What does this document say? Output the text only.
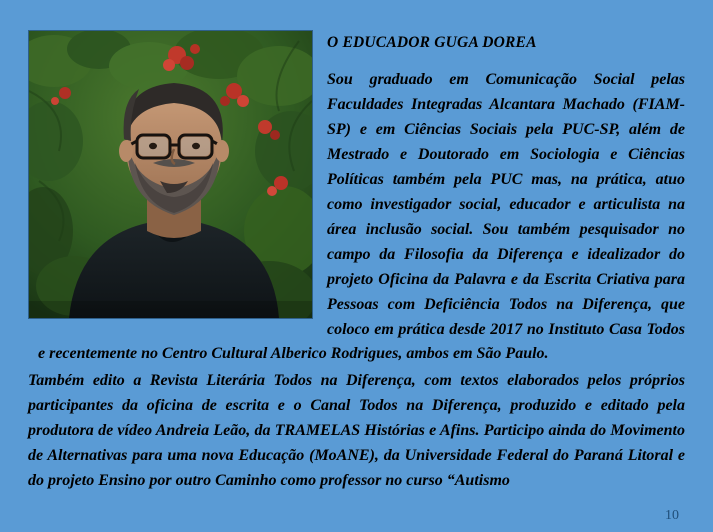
O EDUCADOR GUGA DOREA
Sou graduado em Comunicação Social pelas Faculdades Integradas Alcantara Machado (FIAM-SP) e em Ciências Sociais pela PUC-SP, além de Mestrado e Doutorado em Sociologia e Ciências Políticas também pela PUC mas, na prática, atuo como investigador social, educador e articulista na área inclusão social. Sou também pesquisador no campo da Filosofia da Diferença e idealizador do projeto Oficina da Palavra e da Escrita Criativa para Pessoas com Deficiência Todos na Diferença, que coloco em prática desde 2017 no Instituto Casa Todos e recentemente no Centro Cultural Alberico Rodrigues, ambos em São Paulo.
Também edito a Revista Literária Todos na Diferença, com textos elaborados pelos próprios participantes da oficina de escrita e o Canal Todos na Diferença, produzido e editado pela produtora de vídeo Andreia Leão, da TRAMELAS Histórias e Afins. Participo ainda do Movimento de Alternativas para uma nova Educação (MoANE), da Universidade Federal do Paraná Litoral e do projeto Ensino por outro Caminho como professor no curso “Autismo
10
